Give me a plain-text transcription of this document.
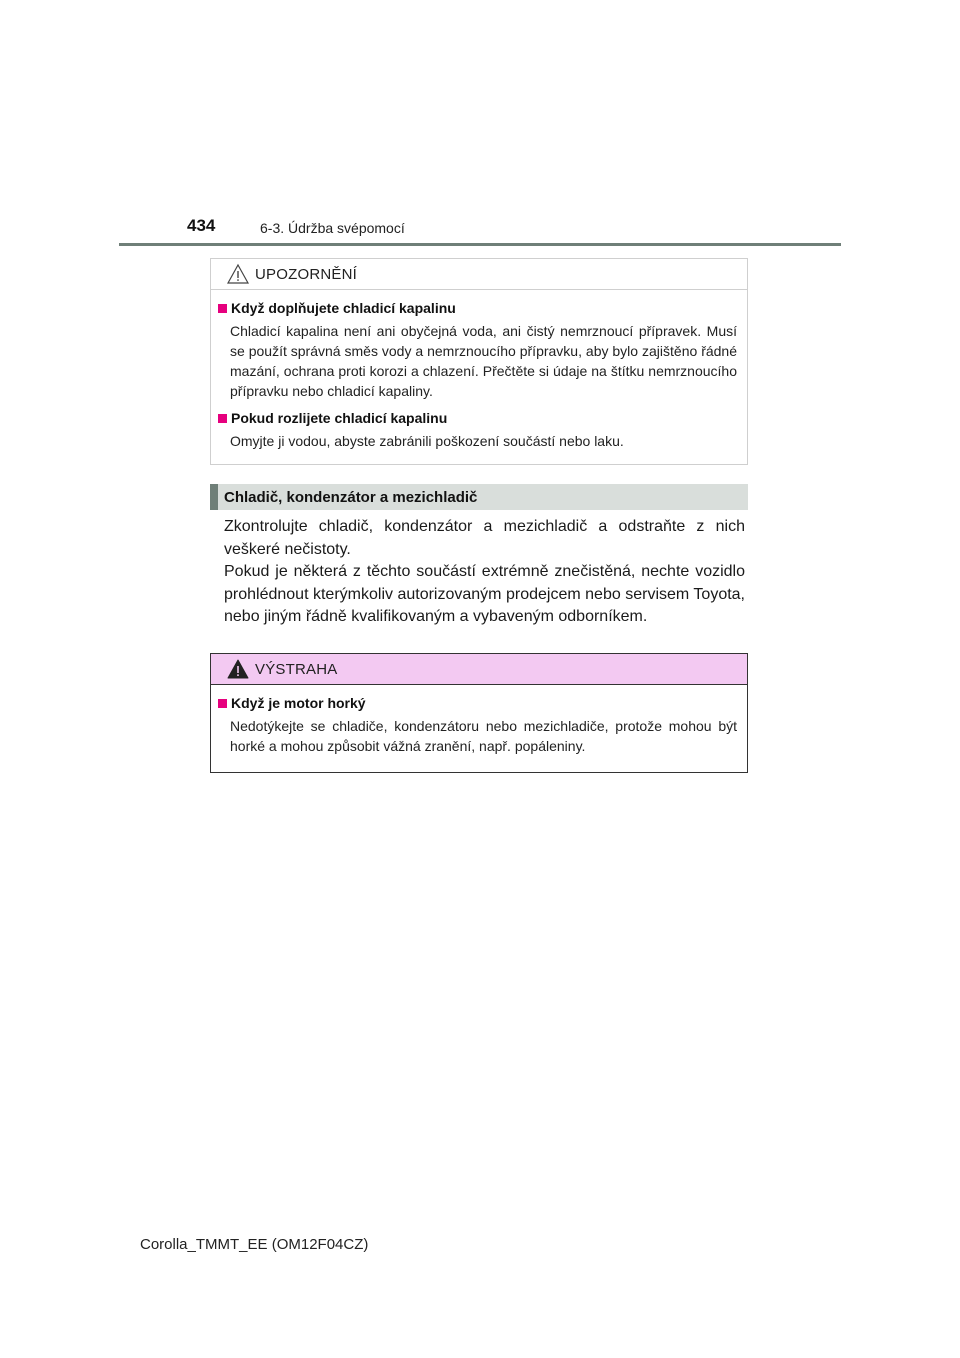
434	6-3. Údržba svépomocí
UPOZORNĚNÍ
Když doplňujete chladicí kapalinu
Chladicí kapalina není ani obyčejná voda, ani čistý nemrznoucí přípravek. Musí se použít správná směs vody a nemrznoucího přípravku, aby bylo zajištěno řádné mazání, ochrana proti korozi a chlazení. Přečtěte si údaje na štítku nemrznoucího přípravku nebo chladicí kapaliny.
Pokud rozlijete chladicí kapalinu
Omyjte ji vodou, abyste zabránili poškození součástí nebo laku.
Chladič, kondenzátor a mezichladič

Zkontrolujte chladič, kondenzátor a mezichladič a odstraňte z nich veškeré nečistoty.

Pokud je některá z těchto součástí extrémně znečistěná, nechte vozidlo prohlédnout kterýmkoliv autorizovaným prodejcem nebo servisem Toyota, nebo jiným řádně kvalifikovaným a vybaveným odborníkem.

VÝSTRAHA
Když je motor horký
Nedotýkejte se chladiče, kondenzátoru nebo mezichladiče, protože mohou být horké a mohou způsobit vážná zranění, např. popáleniny.
Corolla_TMMT_EE (OM12F04CZ)
